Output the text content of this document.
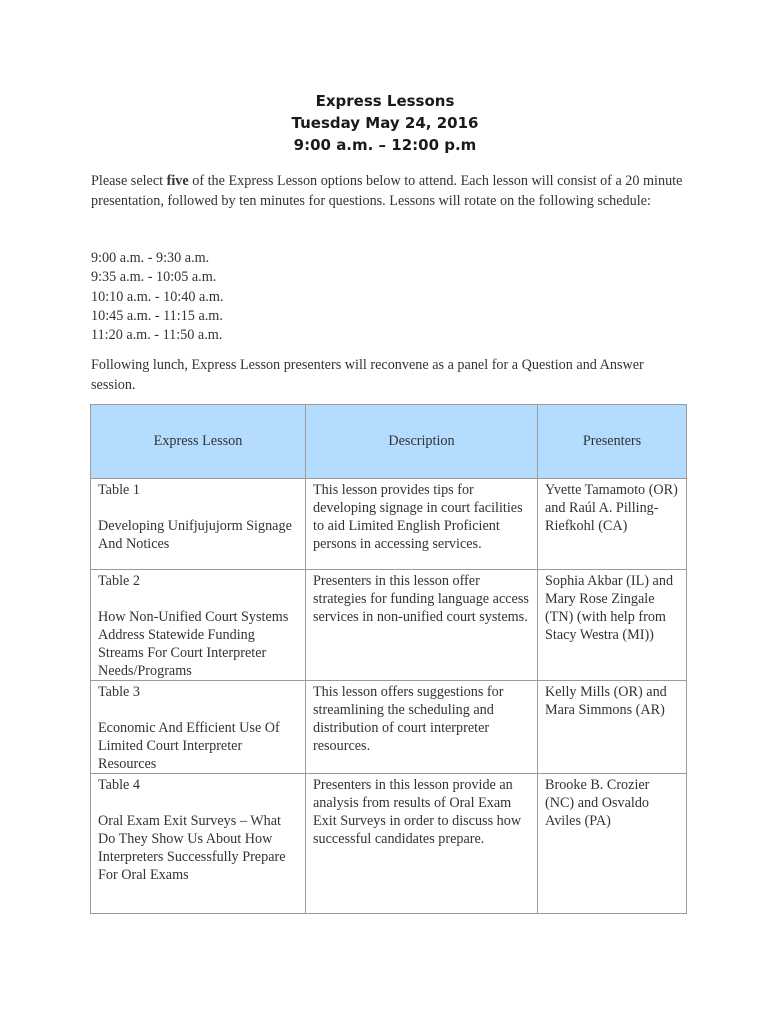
Express Lessons
Tuesday May 24, 2016
9:00 a.m. – 12:00 p.m
Please select five of the Express Lesson options below to attend. Each lesson will consist of a 20 minute presentation, followed by ten minutes for questions. Lessons will rotate on the following schedule:
9:00 a.m. - 9:30 a.m.
9:35 a.m. - 10:05 a.m.
10:10 a.m. - 10:40 a.m.
10:45 a.m. - 11:15 a.m.
11:20 a.m. - 11:50 a.m.
Following lunch, Express Lesson presenters will reconvene as a panel for a Question and Answer session.
Express Lesson	Description	Presenters

Table 1
Developing Unifjujujorm Signage And Notices	This lesson provides tips for developing signage in court facilities to aid Limited English Proficient persons in accessing services.	Yvette Tamamoto (OR) and Raúl A. Pilling-Riefkohl (CA)

Table 2
How Non-Unified Court Systems Address Statewide Funding Streams For Court Interpreter Needs/Programs	Presenters in this lesson offer strategies for funding language access services in non-unified court systems.	Sophia Akbar (IL) and Mary Rose Zingale (TN) (with help from Stacy Westra (MI))

Table 3
Economic And Efficient Use Of Limited Court Interpreter Resources	This lesson offers suggestions for streamlining the scheduling and distribution of court interpreter resources.	Kelly Mills (OR) and Mara Simmons (AR)

Table 4
Oral Exam Exit Surveys – What Do They Show Us About How Interpreters Successfully Prepare For Oral Exams	Presenters in this lesson provide an analysis from results of Oral Exam Exit Surveys in order to discuss how successful candidates prepare.	Brooke B. Crozier (NC) and Osvaldo Aviles (PA)
